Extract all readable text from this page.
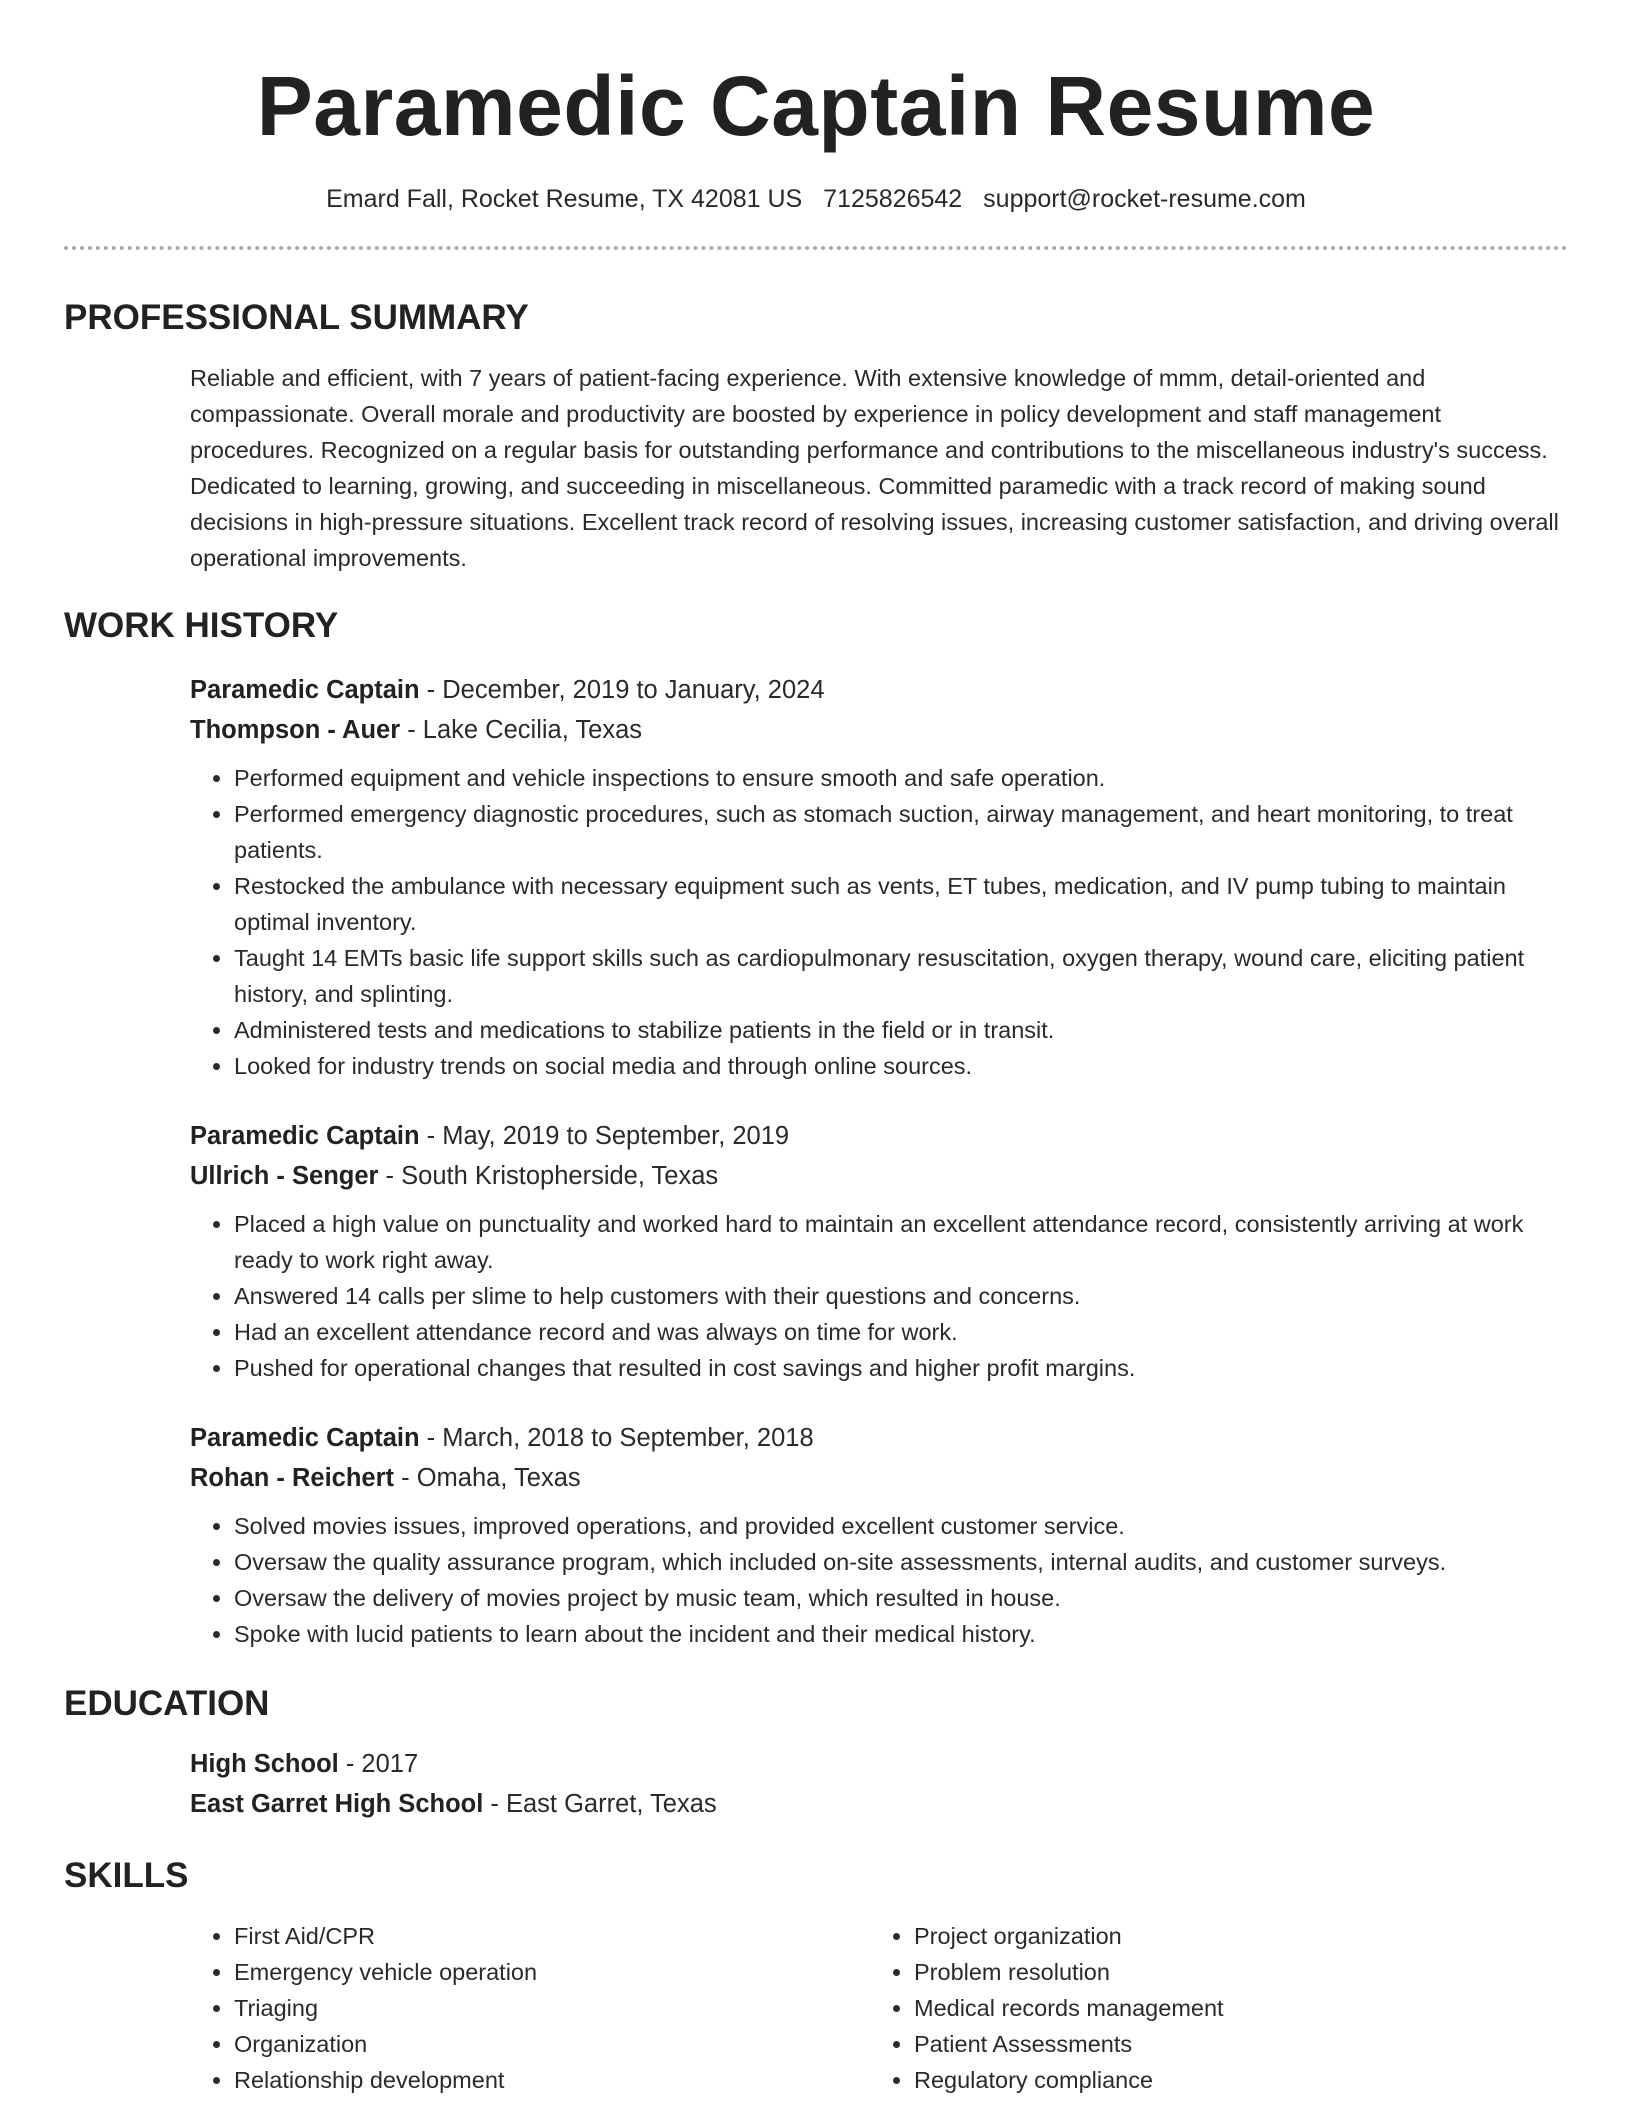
Paramedic Captain Resume
Emard Fall, Rocket Resume, TX 42081 US 7125826542 support@rocket-resume.com
PROFESSIONAL SUMMARY
Reliable and efficient, with 7 years of patient-facing experience. With extensive knowledge of mmm, detail-oriented and compassionate. Overall morale and productivity are boosted by experience in policy development and staff management procedures. Recognized on a regular basis for outstanding performance and contributions to the miscellaneous industry's success. Dedicated to learning, growing, and succeeding in miscellaneous. Committed paramedic with a track record of making sound decisions in high-pressure situations. Excellent track record of resolving issues, increasing customer satisfaction, and driving overall operational improvements.
WORK HISTORY
Paramedic Captain - December, 2019 to January, 2024
Thompson - Auer - Lake Cecilia, Texas
• Performed equipment and vehicle inspections to ensure smooth and safe operation.
• Performed emergency diagnostic procedures, such as stomach suction, airway management, and heart monitoring, to treat patients.
• Restocked the ambulance with necessary equipment such as vents, ET tubes, medication, and IV pump tubing to maintain optimal inventory.
• Taught 14 EMTs basic life support skills such as cardiopulmonary resuscitation, oxygen therapy, wound care, eliciting patient history, and splinting.
• Administered tests and medications to stabilize patients in the field or in transit.
• Looked for industry trends on social media and through online sources.
Paramedic Captain - May, 2019 to September, 2019
Ullrich - Senger - South Kristopherside, Texas
• Placed a high value on punctuality and worked hard to maintain an excellent attendance record, consistently arriving at work ready to work right away.
• Answered 14 calls per slime to help customers with their questions and concerns.
• Had an excellent attendance record and was always on time for work.
• Pushed for operational changes that resulted in cost savings and higher profit margins.
Paramedic Captain - March, 2018 to September, 2018
Rohan - Reichert - Omaha, Texas
• Solved movies issues, improved operations, and provided excellent customer service.
• Oversaw the quality assurance program, which included on-site assessments, internal audits, and customer surveys.
• Oversaw the delivery of movies project by music team, which resulted in house.
• Spoke with lucid patients to learn about the incident and their medical history.
EDUCATION
High School - 2017
East Garret High School - East Garret, Texas
SKILLS
• First Aid/CPR
• Emergency vehicle operation
• Triaging
• Organization
• Relationship development
• Project organization
• Problem resolution
• Medical records management
• Patient Assessments
• Regulatory compliance
